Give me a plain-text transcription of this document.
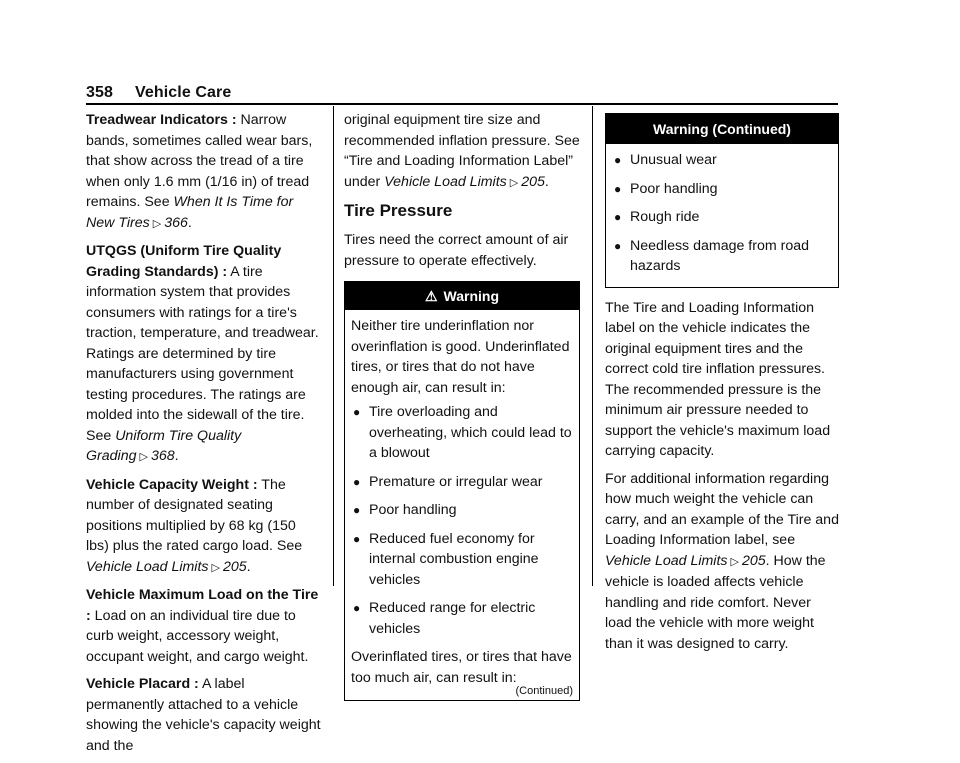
358 Vehicle Care

Treadwear Indicators : Narrow bands, sometimes called wear bars, that show across the tread of a tire when only 1.6 mm (1/16 in) of tread remains. See When It Is Time for New Tires ▷ 366.

UTQGS (Uniform Tire Quality Grading Standards) : A tire information system that provides consumers with ratings for a tire's traction, temperature, and treadwear. Ratings are determined by tire manufacturers using government testing procedures. The ratings are molded into the sidewall of the tire. See Uniform Tire Quality Grading ▷ 368.

Vehicle Capacity Weight : The number of designated seating positions multiplied by 68 kg (150 lbs) plus the rated cargo load. See Vehicle Load Limits ▷ 205.

Vehicle Maximum Load on the Tire : Load on an individual tire due to curb weight, accessory weight, occupant weight, and cargo weight.

Vehicle Placard : A label permanently attached to a vehicle showing the vehicle's capacity weight and the

original equipment tire size and recommended inflation pressure. See “Tire and Loading Information Label” under Vehicle Load Limits ▷ 205.

Tire Pressure

Tires need the correct amount of air pressure to operate effectively.

⚠ Warning
Neither tire underinflation nor overinflation is good. Underinflated tires, or tires that do not have enough air, can result in:
● Tire overloading and overheating, which could lead to a blowout
● Premature or irregular wear
● Poor handling
● Reduced fuel economy for internal combustion engine vehicles
● Reduced range for electric vehicles
Overinflated tires, or tires that have too much air, can result in:
(Continued)
Warning (Continued)
● Unusual wear
● Poor handling
● Rough ride
● Needless damage from road hazards

The Tire and Loading Information label on the vehicle indicates the original equipment tires and the correct cold tire inflation pressures. The recommended pressure is the minimum air pressure needed to support the vehicle's maximum load carrying capacity.

For additional information regarding how much weight the vehicle can carry, and an example of the Tire and Loading Information label, see Vehicle Load Limits ▷ 205. How the vehicle is loaded affects vehicle handling and ride comfort. Never load the vehicle with more weight than it was designed to carry.
